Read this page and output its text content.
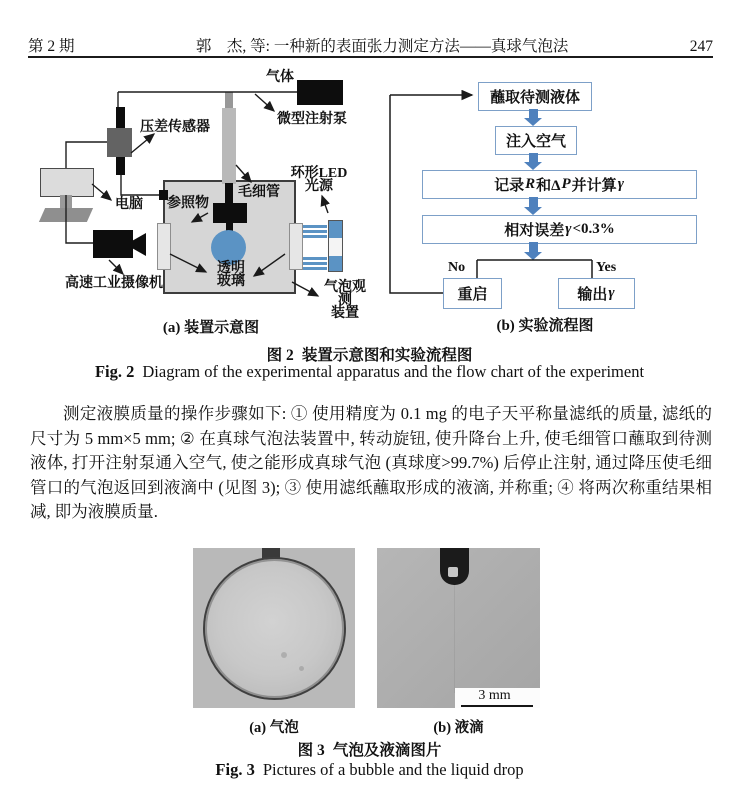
第 2 期	郭　杰, 等: 一种新的表面张力测定方法——真球气泡法	247
气体
微型注射泵
压差传感器
电脑
高速工业摄像机
毛细管
参照物
环形LED
光源
透明
玻璃	气泡观测
装置
(a) 装置示意图
蘸取待测液体
注入空气
记录 R 和Δ P 并计算 γ
相对误差 γ <0.3%
重启	输出 γ
No	Yes
(b) 实验流程图
图 2 装置示意图和实验流程图
Fig. 2 Diagram of the experimental apparatus and the flow chart of the experiment
测定液膜质量的操作步骤如下: ① 使用精度为 0.1 mg 的电子天平称量滤纸的质量, 滤纸的尺寸为 5 mm×5 mm; ② 在真球气泡法装置中, 转动旋钮, 使升降台上升, 使毛细管口蘸取到待测液体, 打开注射泵通入空气, 使之能形成真球气泡 (真球度>99.7%) 后停止注射, 通过降压使毛细管口的气泡返回到液滴中 (见图 3); ③ 使用滤纸蘸取形成的液滴, 并称重; ④ 将两次称重结果相减, 即为液膜质量.
3 mm
(a) 气泡	(b) 液滴
图 3 气泡及液滴图片
Fig. 3 Pictures of a bubble and the liquid drop
